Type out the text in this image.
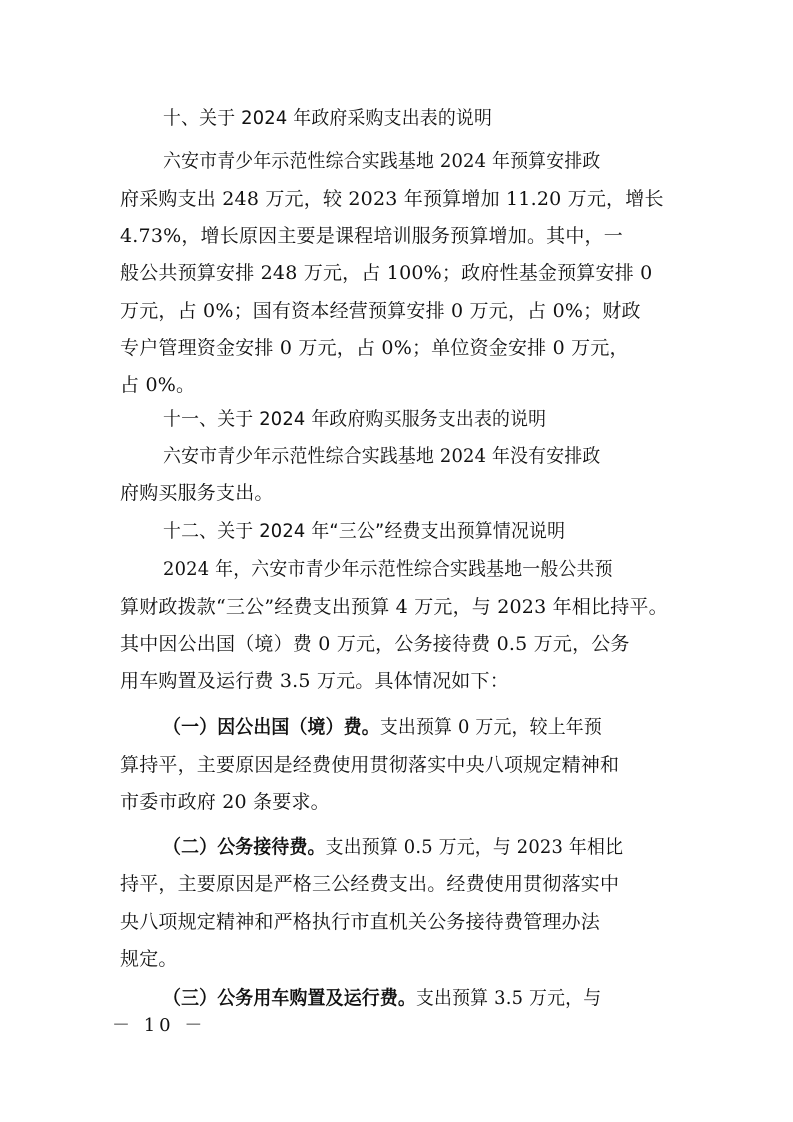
十、关于 2024 年政府采购支出表的说明
六安市青少年示范性综合实践基地 2024 年预算安排政
府采购支出 248 万元，较 2023 年预算增加 11.20 万元，增长
4.73%，增长原因主要是课程培训服务预算增加。其中，一
般公共预算安排 248 万元，占 100%；政府性基金预算安排 0
万元，占 0%；国有资本经营预算安排 0 万元，占 0%；财政
专户管理资金安排 0 万元，占 0%；单位资金安排 0 万元，
占 0%。
十一、关于 2024 年政府购买服务支出表的说明
六安市青少年示范性综合实践基地 2024 年没有安排政
府购买服务支出。
十二、关于 2024 年“三公”经费支出预算情况说明
2024 年，六安市青少年示范性综合实践基地一般公共预
算财政拨款“三公”经费支出预算 4 万元，与 2023 年相比持平。
其中因公出国（境）费 0 万元，公务接待费 0.5 万元，公务
用车购置及运行费 3.5 万元。具体情况如下：
（一）因公出国（境）费。支出预算 0 万元，较上年预
算持平，主要原因是经费使用贯彻落实中央八项规定精神和
市委市政府 20 条要求。
（二）公务接待费。支出预算 0.5 万元，与 2023 年相比
持平，主要原因是严格三公经费支出。经费使用贯彻落实中
央八项规定精神和严格执行市直机关公务接待费管理办法
规定。
（三）公务用车购置及运行费。支出预算 3.5 万元，与
－ 10 －
